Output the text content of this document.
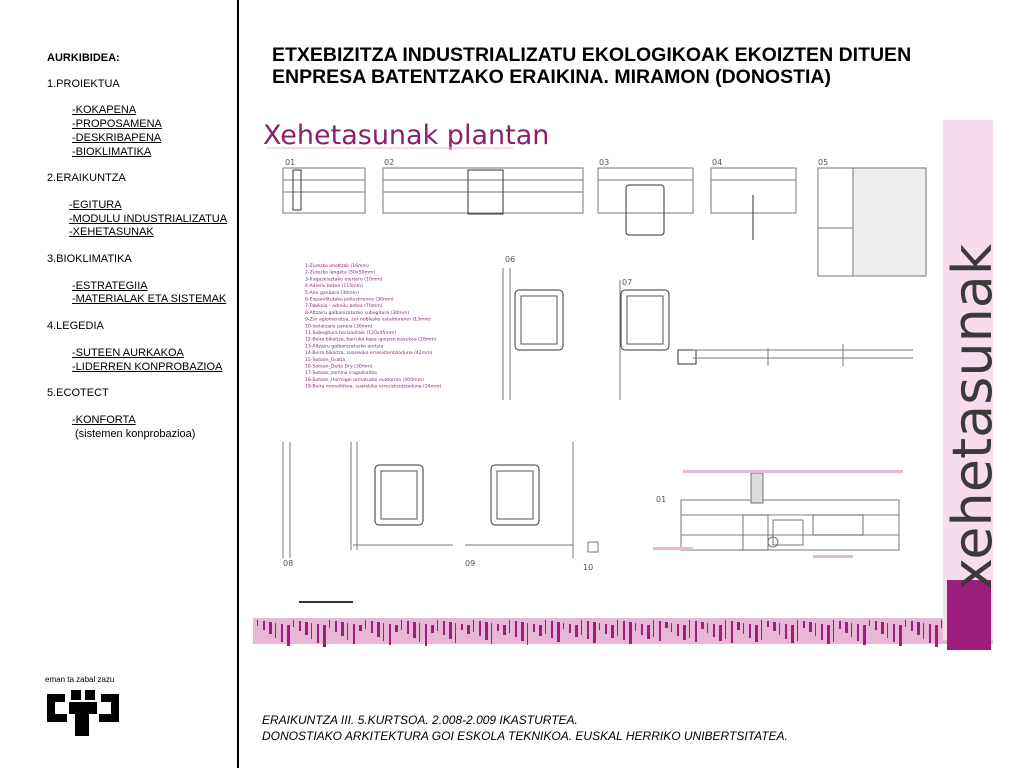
AURKIBIDEA:
1.PROIEKTUA
-KOKAPENA
-PROPOSAMENA
-DESKRIBAPENA
-BIOKLIMATIKA
2.ERAIKUNTZA
-EGITURA
-MODULU INDUSTRIALIZATUA
-XEHETASUNAK
3.BIOKLIMATIKA
-ESTRATEGIIA
-MATERIALAK ETA SISTEMAK
4.LEGEDIA
-SUTEEN AURKAKOA
-LIDERREN KONPROBAZIOA
5.ECOTECT
-KONFORTA
(sistemen konprobazioa)
eman ta zabal zazu
ETXEBIZITZA INDUSTRIALIZATU EKOLOGIKOAK EKOIZTEN DITUEN
ENPRESA BATENTZAKO ERAIKINA. MIRAMON (DONOSTIA)
Xehetasunak plantan
1-Zurezko ohołtzak (16mm)
2-Zurezko langeta (50x50mm)
3-Iragazkiaztako mortero (10mm)
4-Adreilu betea (115mm)
5-Airo ganbara (30mm)
6-Expanditutako poliestirenoa (30mm)
7-Tabikoia - adreilu betea (70mm)
8-Altzairu galbanizatuzko subegitura (30mm)
9-Zur aglomeratua, zur noblesko estalduraren (13mm)
10-Isolatzaile panela (30mm)
11-Subegitura horizontala (120x45mm)
12-Beira bikoitza, barruko kapa igorpen baxukoa (28mm)
13-Altzairu galbanizatuzko arotzia
14-Beira bikoitza, suarekiko erresistentziaduna (42mm)
15-Sotoan_Gralta
16-Sotoan_Delta Dry (30mm)
17-Sotoan_zamina iragazkaitza
18-Sotoan_Hormigoi armatuzko euxtorma (400mm)
19-Beira monolitikoa, suarekiko erresistentziaduna (24mm)	xehetasunak
01	02	03	04	05
06
07
08	09	10
01
ERAIKUNTZA III. 5.KURTSOA. 2.008-2.009 IKASTURTEA.
DONOSTIAKO ARKITEKTURA GOI ESKOLA TEKNIKOA. EUSKAL HERRIKO UNIBERTSITATEA.
